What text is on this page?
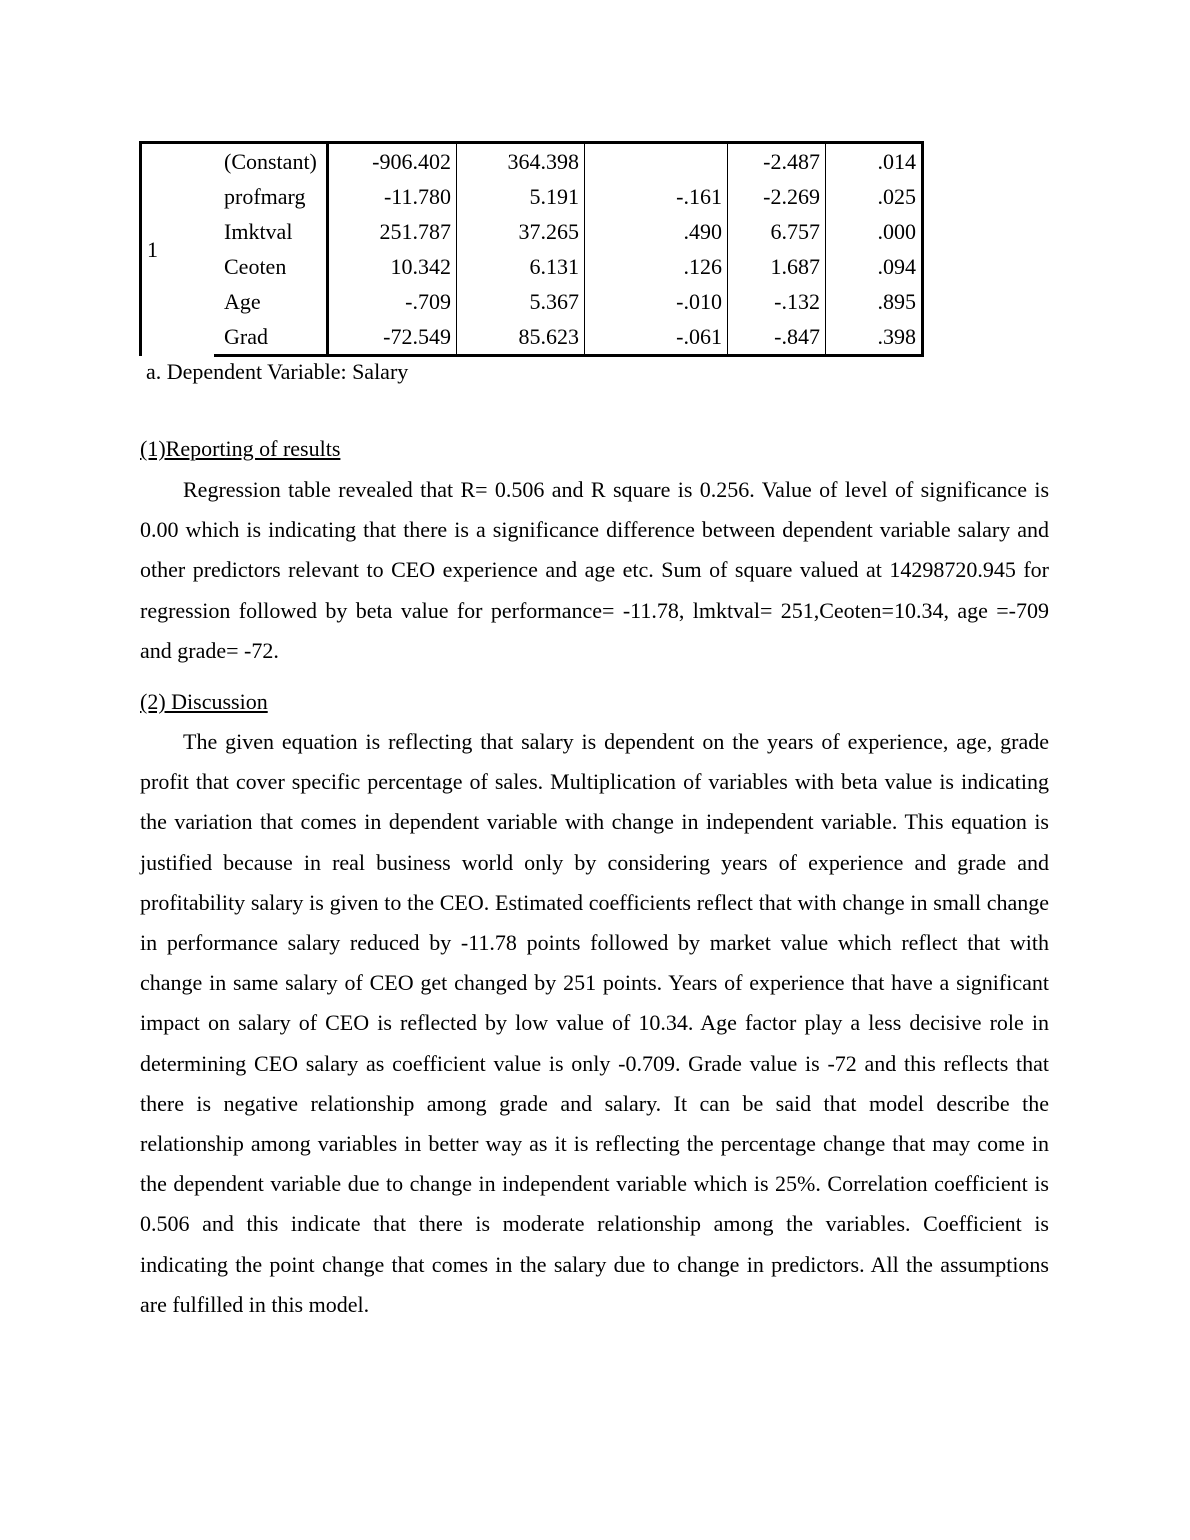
1	(Constant)	-906.402	364.398		-2.487	.014
	profmarg	-11.780	5.191	-.161	-2.269	.025
	Imktval	251.787	37.265	.490	6.757	.000
	Ceoten	10.342	6.131	.126	1.687	.094
	Age	-.709	5.367	-.010	-.132	.895
	Grad	-72.549	85.623	-.061	-.847	.398
a. Dependent Variable: Salary
(1)Reporting of results

Regression table revealed that R= 0.506 and R square is 0.256. Value of level of significance is 0.00 which is indicating that there is a significance difference between dependent variable salary and other predictors relevant to CEO experience and age etc. Sum of square valued at 14298720.945 for regression followed by beta value for performance= -11.78, lmktval= 251,Ceoten=10.34, age =-709 and grade= -72.

(2) Discussion

The given equation is reflecting that salary is dependent on the years of experience, age, grade profit that cover specific percentage of sales. Multiplication of variables with beta value is indicating the variation that comes in dependent variable with change in independent variable. This equation is justified because in real business world only by considering years of experience and grade and profitability salary is given to the CEO. Estimated coefficients reflect that with change in small change in performance salary reduced by -11.78 points followed by market value which reflect that with change in same salary of CEO get changed by 251 points. Years of experience that have a significant impact on salary of CEO is reflected by low value of 10.34. Age factor play a less decisive role in determining CEO salary as coefficient value is only -0.709. Grade value is -72 and this reflects that there is negative relationship among grade and salary. It can be said that model describe the relationship among variables in better way as it is reflecting the percentage change that may come in the dependent variable due to change in independent variable which is 25%. Correlation coefficient is 0.506 and this indicate that there is moderate relationship among the variables. Coefficient is indicating the point change that comes in the salary due to change in predictors. All the assumptions are fulfilled in this model.
